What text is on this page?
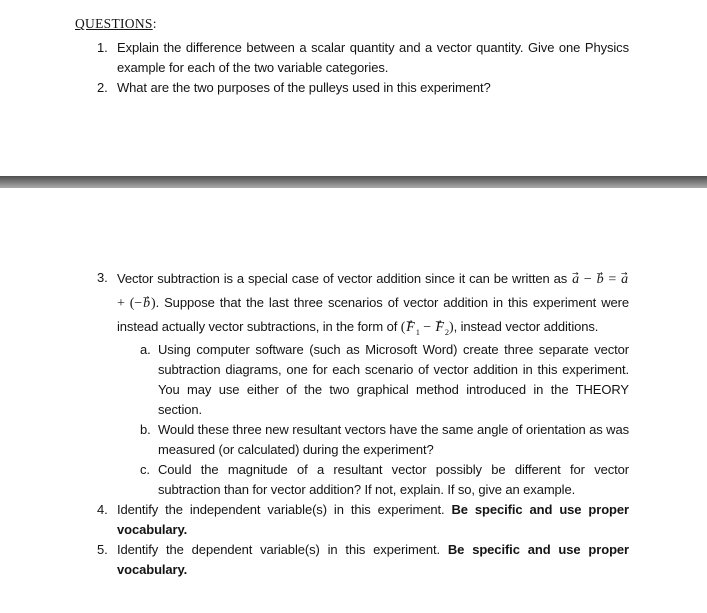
QUESTIONS:
1. Explain the difference between a scalar quantity and a vector quantity. Give one Physics example for each of the two variable categories.
2. What are the two purposes of the pulleys used in this experiment?
3. Vector subtraction is a special case of vector addition since it can be written as a → − b → = a → + (−b →). Suppose that the last three scenarios of vector addition in this experiment were instead actually vector subtractions, in the form of $(F \to_1 - F \to_2)$, instead vector additions.
a. Using computer software (such as Microsoft Word) create three separate vector subtraction diagrams, one for each scenario of vector addition in this experiment. You may use either of the two graphical method introduced in the THEORY section.
b. Would these three new resultant vectors have the same angle of orientation as was measured (or calculated) during the experiment?
c. Could the magnitude of a resultant vector possibly be different for vector subtraction than for vector addition? If not, explain. If so, give an example.
4. Identify the independent variable(s) in this experiment. Be specific and use proper vocabulary.
5. Identify the dependent variable(s) in this experiment. Be specific and use proper vocabulary.
